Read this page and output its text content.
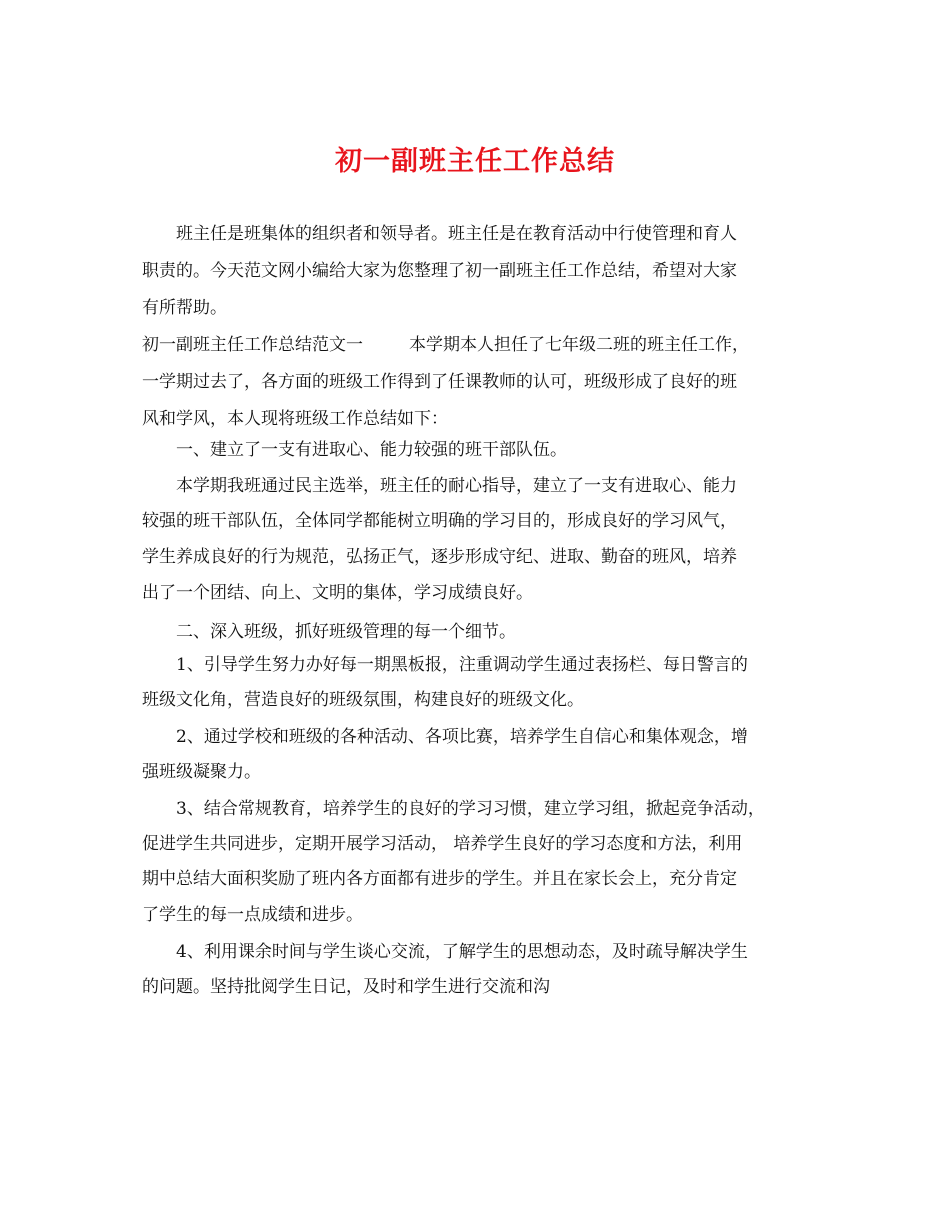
初一副班主任工作总结
班主任是班集体的组织者和领导者。班主任是在教育活动中行使管理和育人
职责的。今天范文网小编给大家为您整理了初一副班主任工作总结，希望对大家
有所帮助。
初一副班主任工作总结范文一	本学期本人担任了七年级二班的班主任工作，
一学期过去了，各方面的班级工作得到了任课教师的认可，班级形成了良好的班
风和学风，本人现将班级工作总结如下：
一、建立了一支有进取心、能力较强的班干部队伍。
本学期我班通过民主选举，班主任的耐心指导，建立了一支有进取心、能力
较强的班干部队伍，全体同学都能树立明确的学习目的，形成良好的学习风气，
学生养成良好的行为规范，弘扬正气，逐步形成守纪、进取、勤奋的班风，培养
出了一个团结、向上、文明的集体，学习成绩良好。
二、深入班级，抓好班级管理的每一个细节。
1、引导学生努力办好每一期黑板报，注重调动学生通过表扬栏、每日警言的
班级文化角，营造良好的班级氛围，构建良好的班级文化。
2、通过学校和班级的各种活动、各项比赛，培养学生自信心和集体观念，增
强班级凝聚力。
3、结合常规教育，培养学生的良好的学习习惯，建立学习组，掀起竞争活动，
促进学生共同进步，定期开展学习活动， 培养学生良好的学习态度和方法，利用
期中总结大面积奖励了班内各方面都有进步的学生。并且在家长会上，充分肯定
了学生的每一点成绩和进步。
4、利用课余时间与学生谈心交流，了解学生的思想动态，及时疏导解决学生
的问题。坚持批阅学生日记，及时和学生进行交流和沟
